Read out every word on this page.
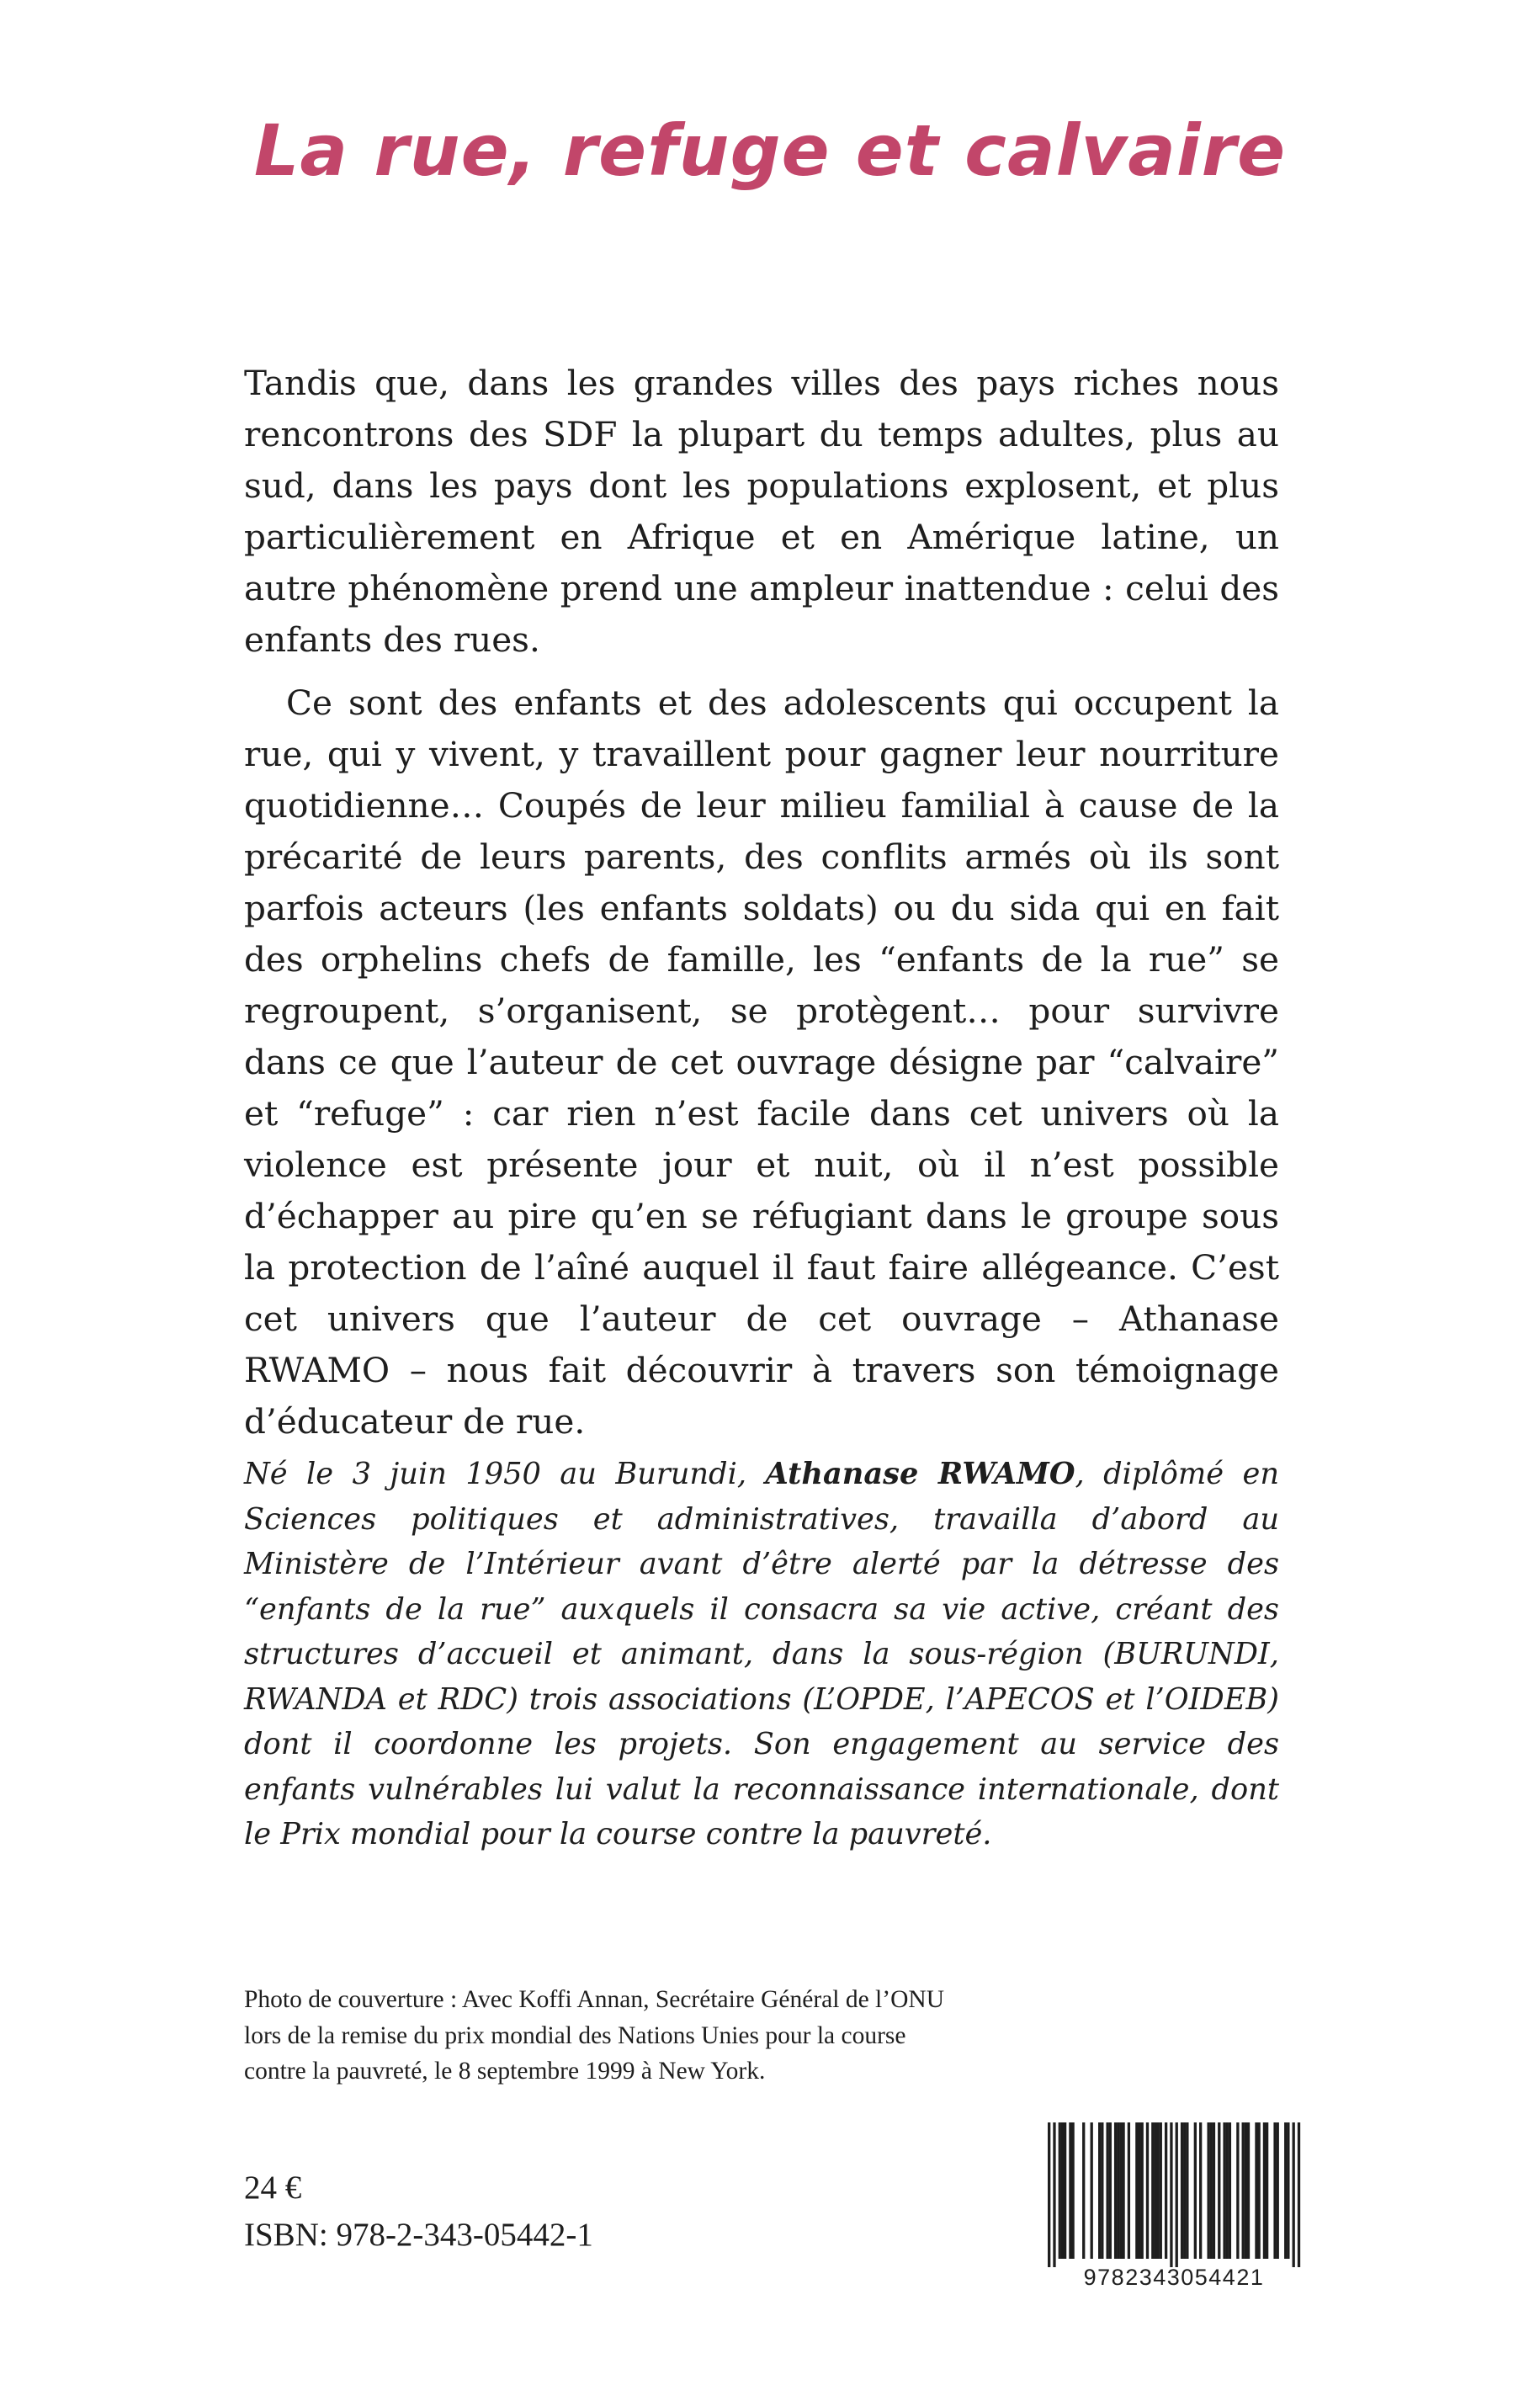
La rue, refuge et calvaire

Tandis que, dans les grandes villes des pays riches nous rencontrons des SDF la plupart du temps adultes, plus au sud, dans les pays dont les populations explosent, et plus particulièrement en Afrique et en Amérique latine, un autre phénomène prend une ampleur inattendue : celui des enfants des rues.

Ce sont des enfants et des adolescents qui occupent la rue, qui y vivent, y travaillent pour gagner leur nourriture quotidienne… Coupés de leur milieu familial à cause de la précarité de leurs parents, des conflits armés où ils sont parfois acteurs (les enfants soldats) ou du sida qui en fait des orphelins chefs de famille, les “enfants de la rue” se regroupent, s’organisent, se protègent… pour survivre dans ce que l’auteur de cet ouvrage désigne par “calvaire” et “refuge” : car rien n’est facile dans cet univers où la violence est présente jour et nuit, où il n’est possible d’échapper au pire qu’en se réfugiant dans le groupe sous la protection de l’aîné auquel il faut faire allégeance. C’est cet univers que l’auteur de cet ouvrage – Athanase RWAMO – nous fait découvrir à travers son témoignage d’éducateur de rue.

Né le 3 juin 1950 au Burundi, Athanase RWAMO, diplômé en Sciences politiques et administratives, travailla d’abord au Ministère de l’Intérieur avant d’être alerté par la détresse des “enfants de la rue” auxquels il consacra sa vie active, créant des structures d’accueil et animant, dans la sous-région (BURUNDI, RWANDA et RDC) trois associations (L’OPDE, l’APECOS et l’OIDEB) dont il coordonne les projets. Son engagement au service des enfants vulnérables lui valut la reconnaissance internationale, dont le Prix mondial pour la course contre la pauvreté.

Photo de couverture : Avec Koffi Annan, Secrétaire Général de l’ONU
lors de la remise du prix mondial des Nations Unies pour la course
contre la pauvreté, le 8 septembre 1999 à New York.

24 €

ISBN: 978-2-343-05442-1

9782343054421
